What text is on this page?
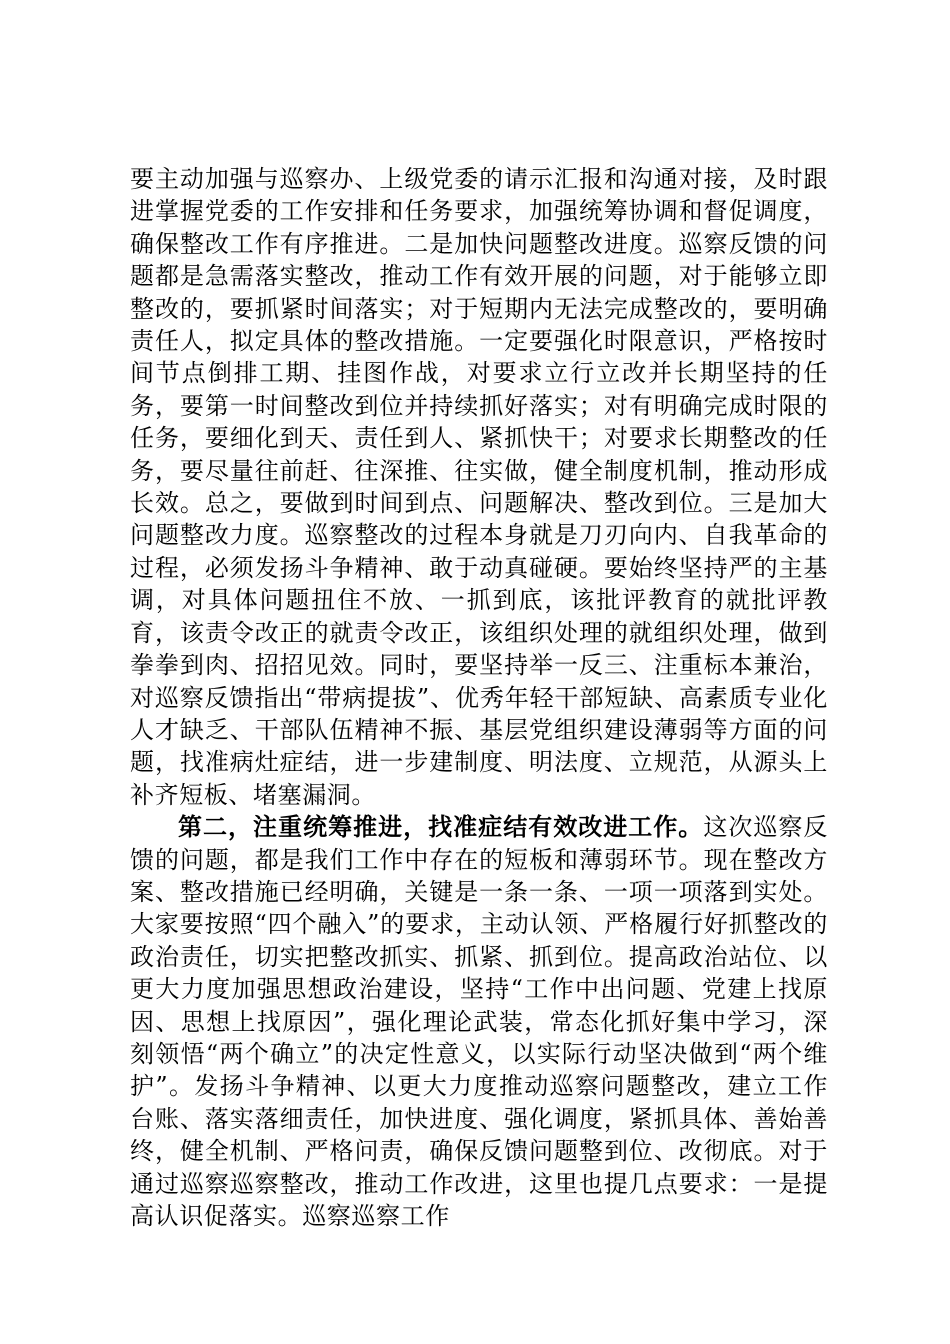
要主动加强与巡察办、上级党委的请示汇报和沟通对接，及时跟进掌握党委的工作安排和任务要求，加强统筹协调和督促调度，确保整改工作有序推进。二是加快问题整改进度。巡察反馈的问题都是急需落实整改，推动工作有效开展的问题，对于能够立即整改的，要抓紧时间落实；对于短期内无法完成整改的，要明确责任人，拟定具体的整改措施。一定要强化时限意识，严格按时间节点倒排工期、挂图作战，对要求立行立改并长期坚持的任务，要第一时间整改到位并持续抓好落实；对有明确完成时限的任务，要细化到天、责任到人、紧抓快干；对要求长期整改的任务，要尽量往前赶、往深推、往实做，健全制度机制，推动形成长效。总之，要做到时间到点、问题解决、整改到位。三是加大问题整改力度。巡察整改的过程本身就是刀刃向内、自我革命的过程，必须发扬斗争精神、敢于动真碰硬。要始终坚持严的主基调，对具体问题扭住不放、一抓到底，该批评教育的就批评教育，该责令改正的就责令改正，该组织处理的就组织处理，做到拳拳到肉、招招见效。同时，要坚持举一反三、注重标本兼治，对巡察反馈指出“带病提拔”、优秀年轻干部短缺、高素质专业化人才缺乏、干部队伍精神不振、基层党组织建设薄弱等方面的问题，找准病灶症结，进一步建制度、明法度、立规范，从源头上补齐短板、堵塞漏洞。

第二，注重统筹推进，找准症结有效改进工作。这次巡察反馈的问题，都是我们工作中存在的短板和薄弱环节。现在整改方案、整改措施已经明确，关键是一条一条、一项一项落到实处。大家要按照“四个融入”的要求，主动认领、严格履行好抓整改的政治责任，切实把整改抓实、抓紧、抓到位。提高政治站位、以更大力度加强思想政治建设，坚持“工作中出问题、党建上找原因、思想上找原因”，强化理论武装，常态化抓好集中学习，深刻领悟“两个确立”的决定性意义，以实际行动坚决做到“两个维护”。发扬斗争精神、以更大力度推动巡察问题整改，建立工作台账、落实落细责任，加快进度、强化调度，紧抓具体、善始善终，健全机制、严格问责，确保反馈问题整到位、改彻底。对于通过巡察巡察整改，推动工作改进，这里也提几点要求：一是提高认识促落实。巡察巡察工作
